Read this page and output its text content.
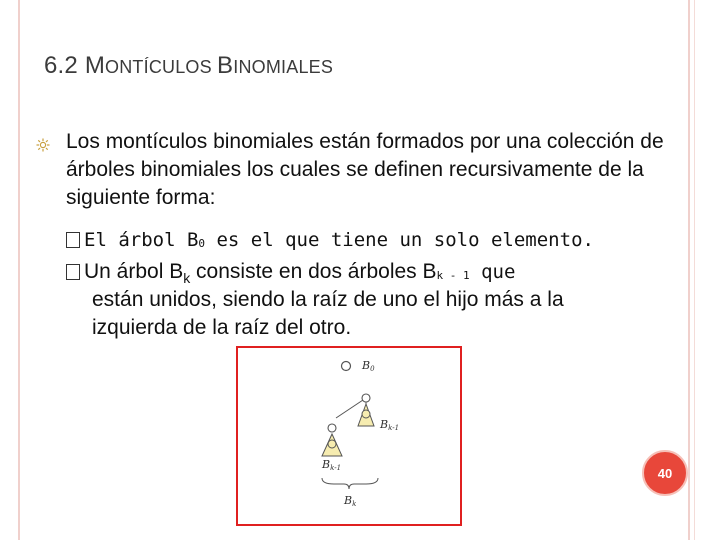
6.2 MONTÍCULOS BINOMIALES
Los montículos binomiales están formados por una colección de árboles binomiales los cuales se definen recursivamente de la siguiente forma:
El árbol B0 es el que tiene un solo elemento.
Un árbol $B_k$ consiste en dos árboles Bk - 1 que
están unidos, siendo la raíz de uno el hijo más a la izquierda de la raíz del otro.
B0
Bk-1
Bk-1
Bk
40
